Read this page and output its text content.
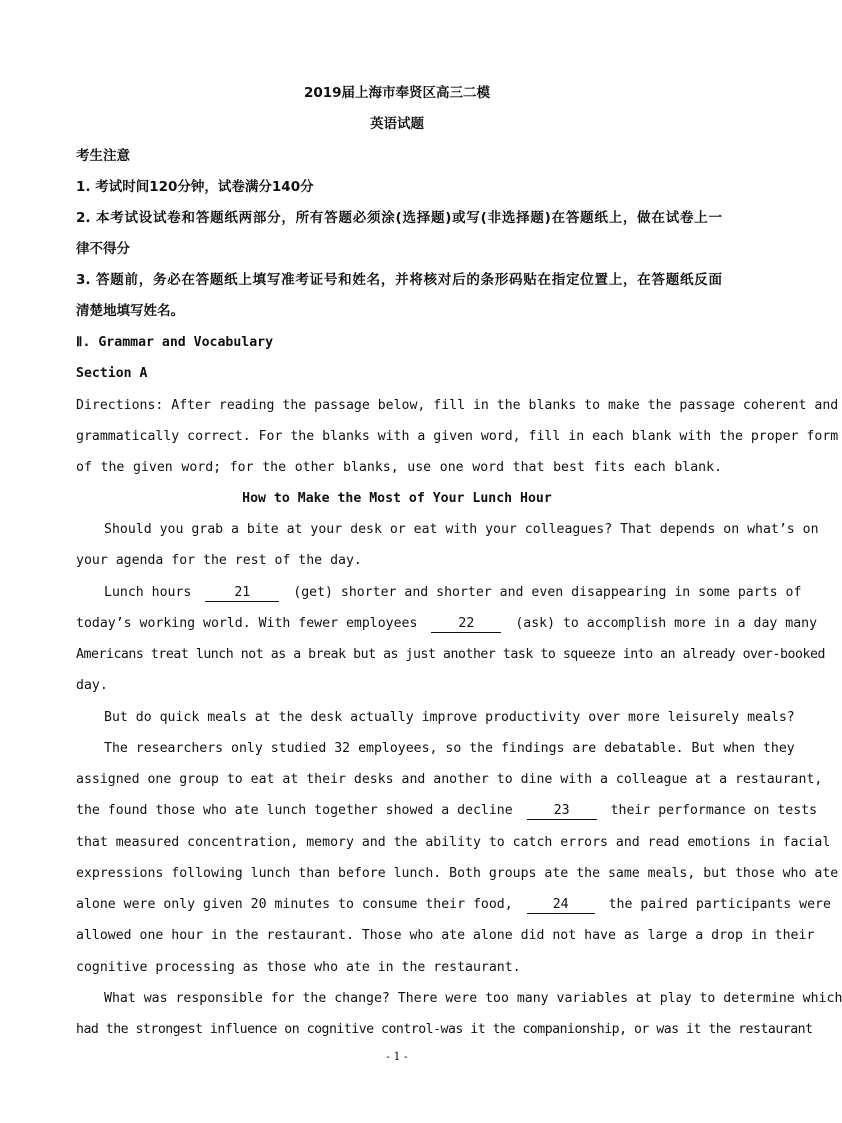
2019届上海市奉贤区高三二模
英语试题
考生注意
1. 考试时间120分钟，试卷满分140分
2. 本考试设试卷和答题纸两部分，所有答题必须涂(选择题)或写(非选择题)在答题纸上，做在试卷上一
律不得分
3. 答题前，务必在答题纸上填写准考证号和姓名，并将核对后的条形码贴在指定位置上，在答题纸反面
清楚地填写姓名。
Ⅱ. Grammar and Vocabulary
Section A
Directions: After reading the passage below, fill in the blanks to make the passage coherent and
grammatically correct. For the blanks with a given word, fill in each blank with the proper form
of the given word; for the other blanks, use one word that best fits each blank.
How to Make the Most of Your Lunch Hour
Should you grab a bite at your desk or eat with your colleagues? That depends on what’s on
your agenda for the rest of the day.
Lunch hours	21	(get) shorter and shorter and even disappearing in some parts of
today’s working world. With fewer employees	22	(ask) to accomplish more in a day many
Americans treat lunch not as a break but as just another task to squeeze into an already over-booked
day.
But do quick meals at the desk actually improve productivity over more leisurely meals?
The researchers only studied 32 employees, so the findings are debatable. But when they
assigned one group to eat at their desks and another to dine with a colleague at a restaurant,
the found those who ate lunch together showed a decline	23	their performance on tests
that measured concentration, memory and the ability to catch errors and read emotions in facial
expressions following lunch than before lunch. Both groups ate the same meals, but those who ate
alone were only given 20 minutes to consume their food,	24	the paired participants were
allowed one hour in the restaurant. Those who ate alone did not have as large a drop in their
cognitive processing as those who ate in the restaurant.
What was responsible for the change? There were too many variables at play to determine which
had the strongest influence on cognitive control-was it the companionship, or was it the restaurant
- 1 -
